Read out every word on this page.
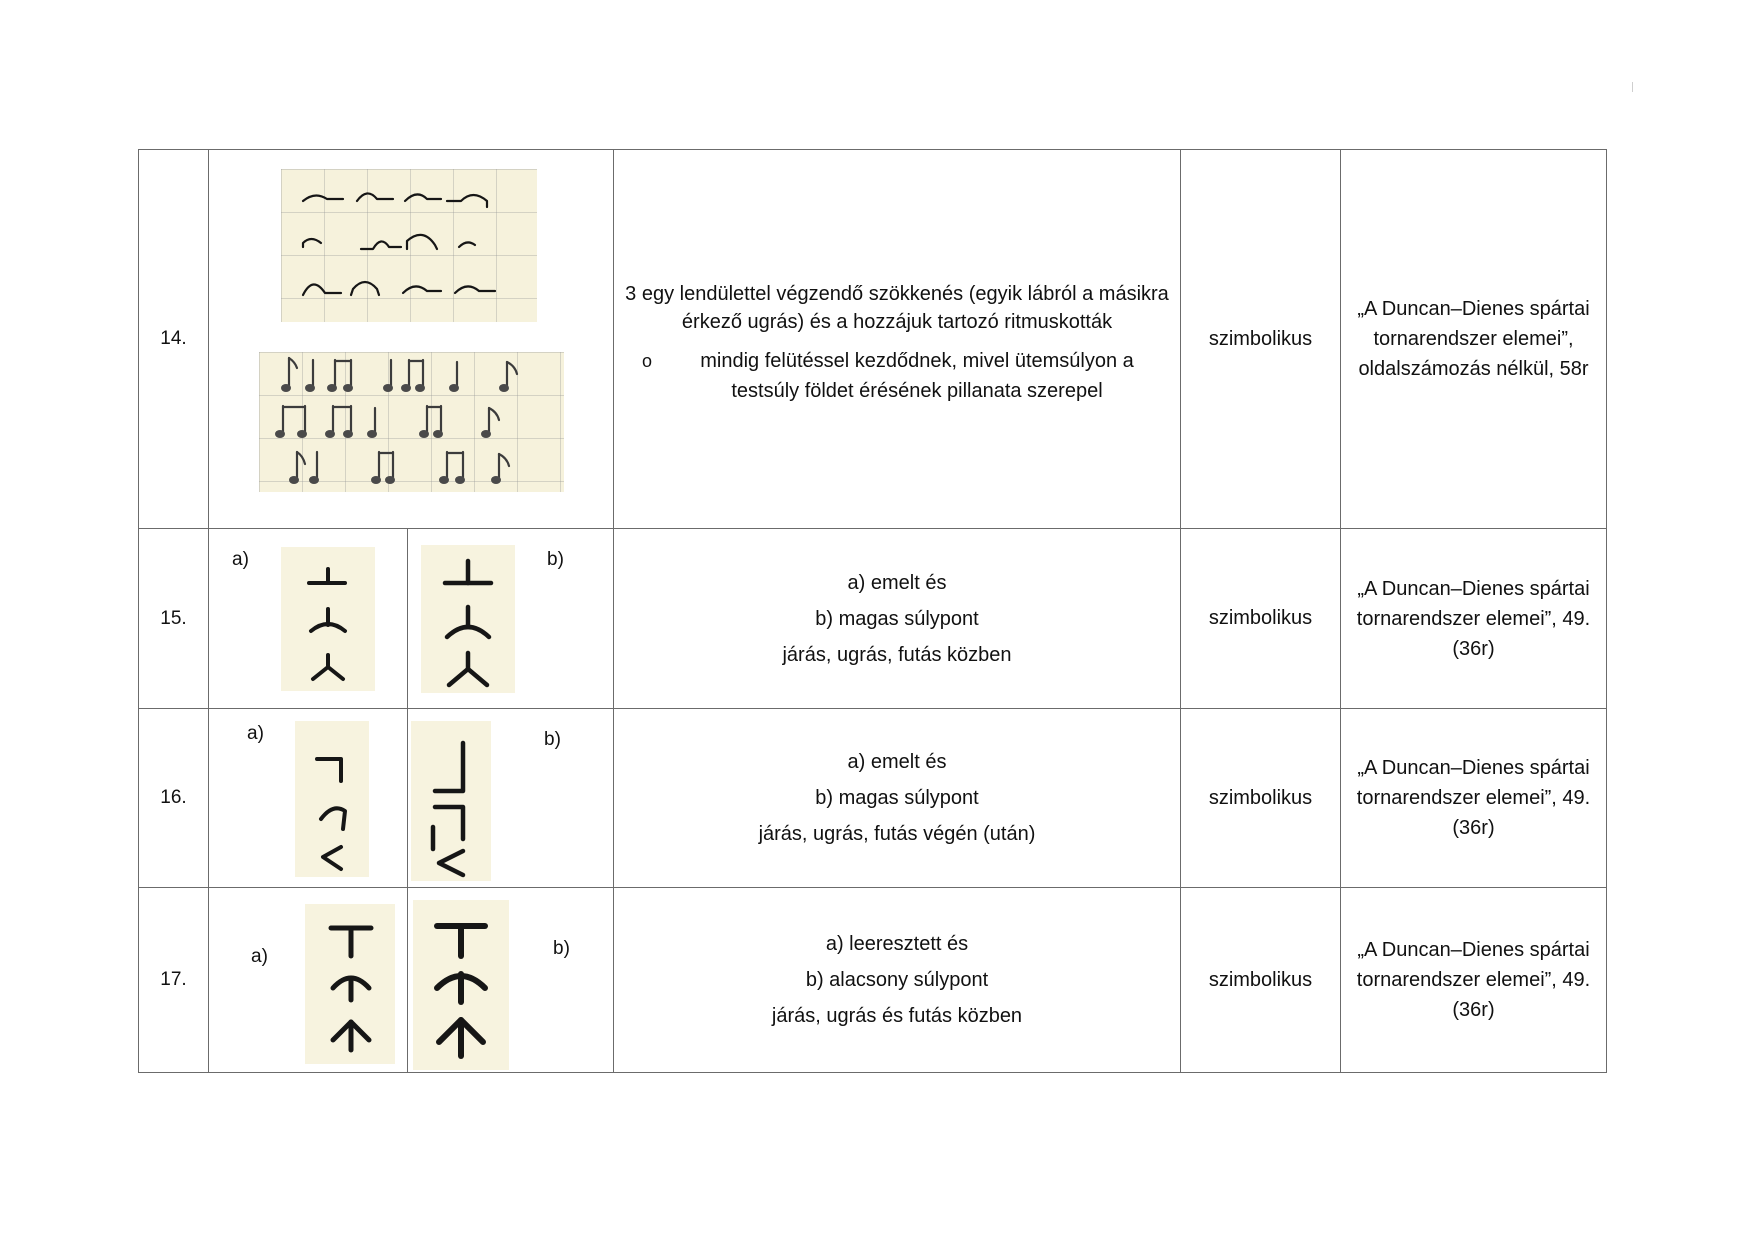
14.			3 egy lendülettel végzendő szökkenés (egyik lábról a másikra érkező ugrás) és a hozzájuk tartozó ritmuskották
o mindig felütéssel kezdődnek, mivel ütemsúlyon a testsúly földet érésének pillanata szerepel	szimbolikus	„A Duncan–Dienes spártai tornarendszer elemei”, oldalszámozás nélkül, 58r
15.	a)	b)	a) emelt és
b) magas súlypont
járás, ugrás, futás közben	szimbolikus	„A Duncan–Dienes spártai tornarendszer elemei”, 49. (36r)
16.	a)	b)	a) emelt és
b) magas súlypont
járás, ugrás, futás végén (után)	szimbolikus	„A Duncan–Dienes spártai tornarendszer elemei”, 49. (36r)
17.	a)	b)	a) leeresztett és
b) alacsony súlypont
járás, ugrás és futás közben	szimbolikus	„A Duncan–Dienes spártai tornarendszer elemei”, 49. (36r)
